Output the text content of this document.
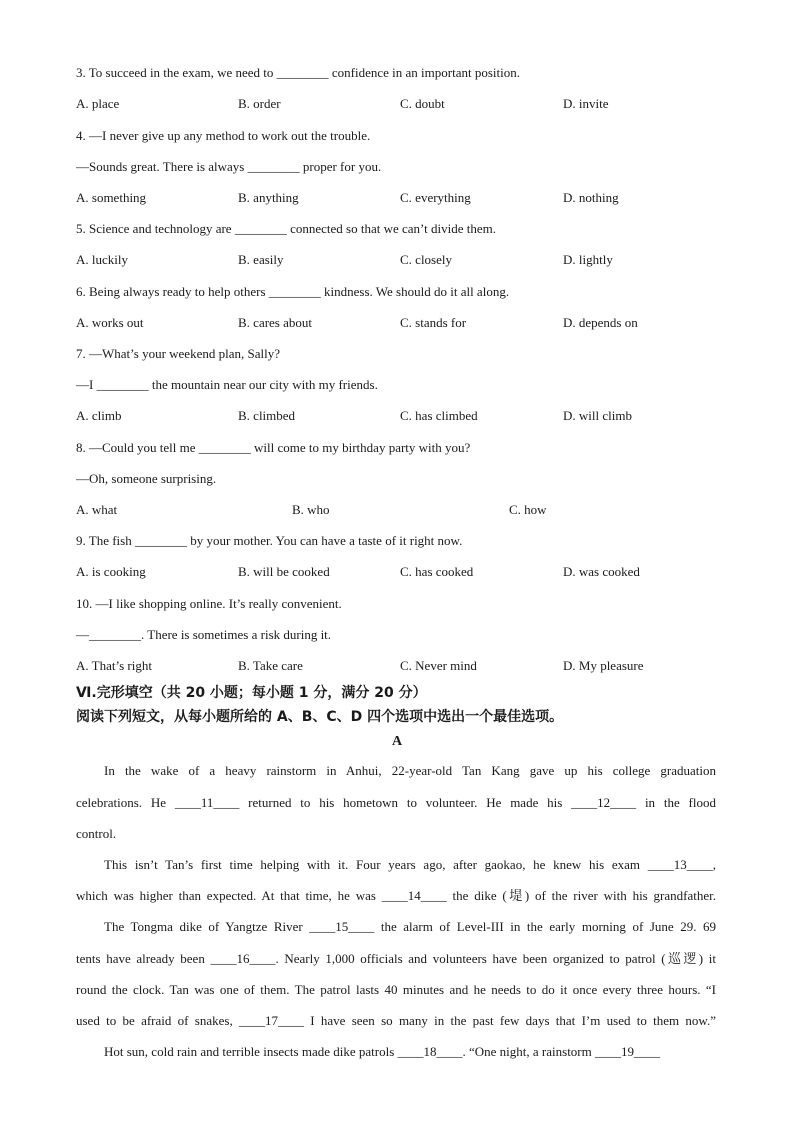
3. To succeed in the exam, we need to ________ confidence in an important position.
A. place	B. order	C. doubt	D. invite
4. —I never give up any method to work out the trouble.
—Sounds great. There is always ________ proper for you.
A. something	B. anything	C. everything	D. nothing
5. Science and technology are ________ connected so that we can’t divide them.
A. luckily	B. easily	C. closely	D. lightly
6. Being always ready to help others ________ kindness. We should do it all along.
A. works out	B. cares about	C. stands for	D. depends on
7. —What’s your weekend plan, Sally?
—I ________ the mountain near our city with my friends.
A. climb	B. climbed	C. has climbed	D. will climb
8. —Could you tell me ________ will come to my birthday party with you?
—Oh, someone surprising.
A. what	B. who	C. how
9. The fish ________ by your mother. You can have a taste of it right now.
A. is cooking	B. will be cooked	C. has cooked	D. was cooked
10. —I like shopping online. It’s really convenient.
—________. There is sometimes a risk during it.
A. That’s right	B. Take care	C. Never mind	D. My pleasure
Ⅵ.完形填空（共 20 小题；每小题 1 分，满分 20 分）
阅读下列短文，从每小题所给的 A、B、C、D 四个选项中选出一个最佳选项。
A
In the wake of a heavy rainstorm in Anhui, 22-year-old Tan Kang gave up his college graduation
celebrations. He ____11____ returned to his hometown to volunteer. He made his ____12____ in the flood
control.
This isn’t Tan’s first time helping with it. Four years ago, after gaokao, he knew his exam ____13____,
which was higher than expected. At that time, he was ____14____ the dike (堤) of the river with his grandfather.
The Tongma dike of Yangtze River ____15____ the alarm of Level-III in the early morning of June 29. 69
tents have already been ____16____. Nearly 1,000 officials and volunteers have been organized to patrol (巡逻) it
round the clock. Tan was one of them. The patrol lasts 40 minutes and he needs to do it once every three hours. “I
used to be afraid of snakes, ____17____ I have seen so many in the past few days that I’m used to them now.”
Hot sun, cold rain and terrible insects made dike patrols ____18____. “One night, a rainstorm ____19____
